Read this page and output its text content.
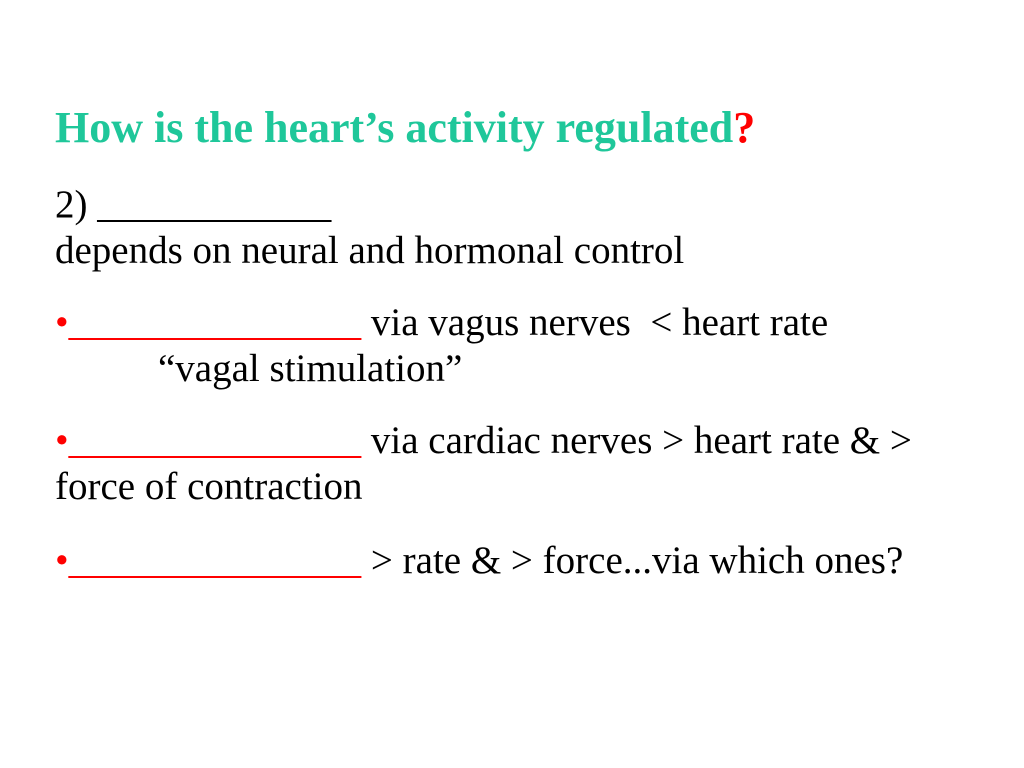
How is the heart’s activity regulated?
2) ____________
depends on neural and hormonal control
•_______________ via vagus nerves  < heart rate
“vagal stimulation”
•_______________ via cardiac nerves > heart rate & >
force of contraction
•_______________ > rate & > force...via which ones?
